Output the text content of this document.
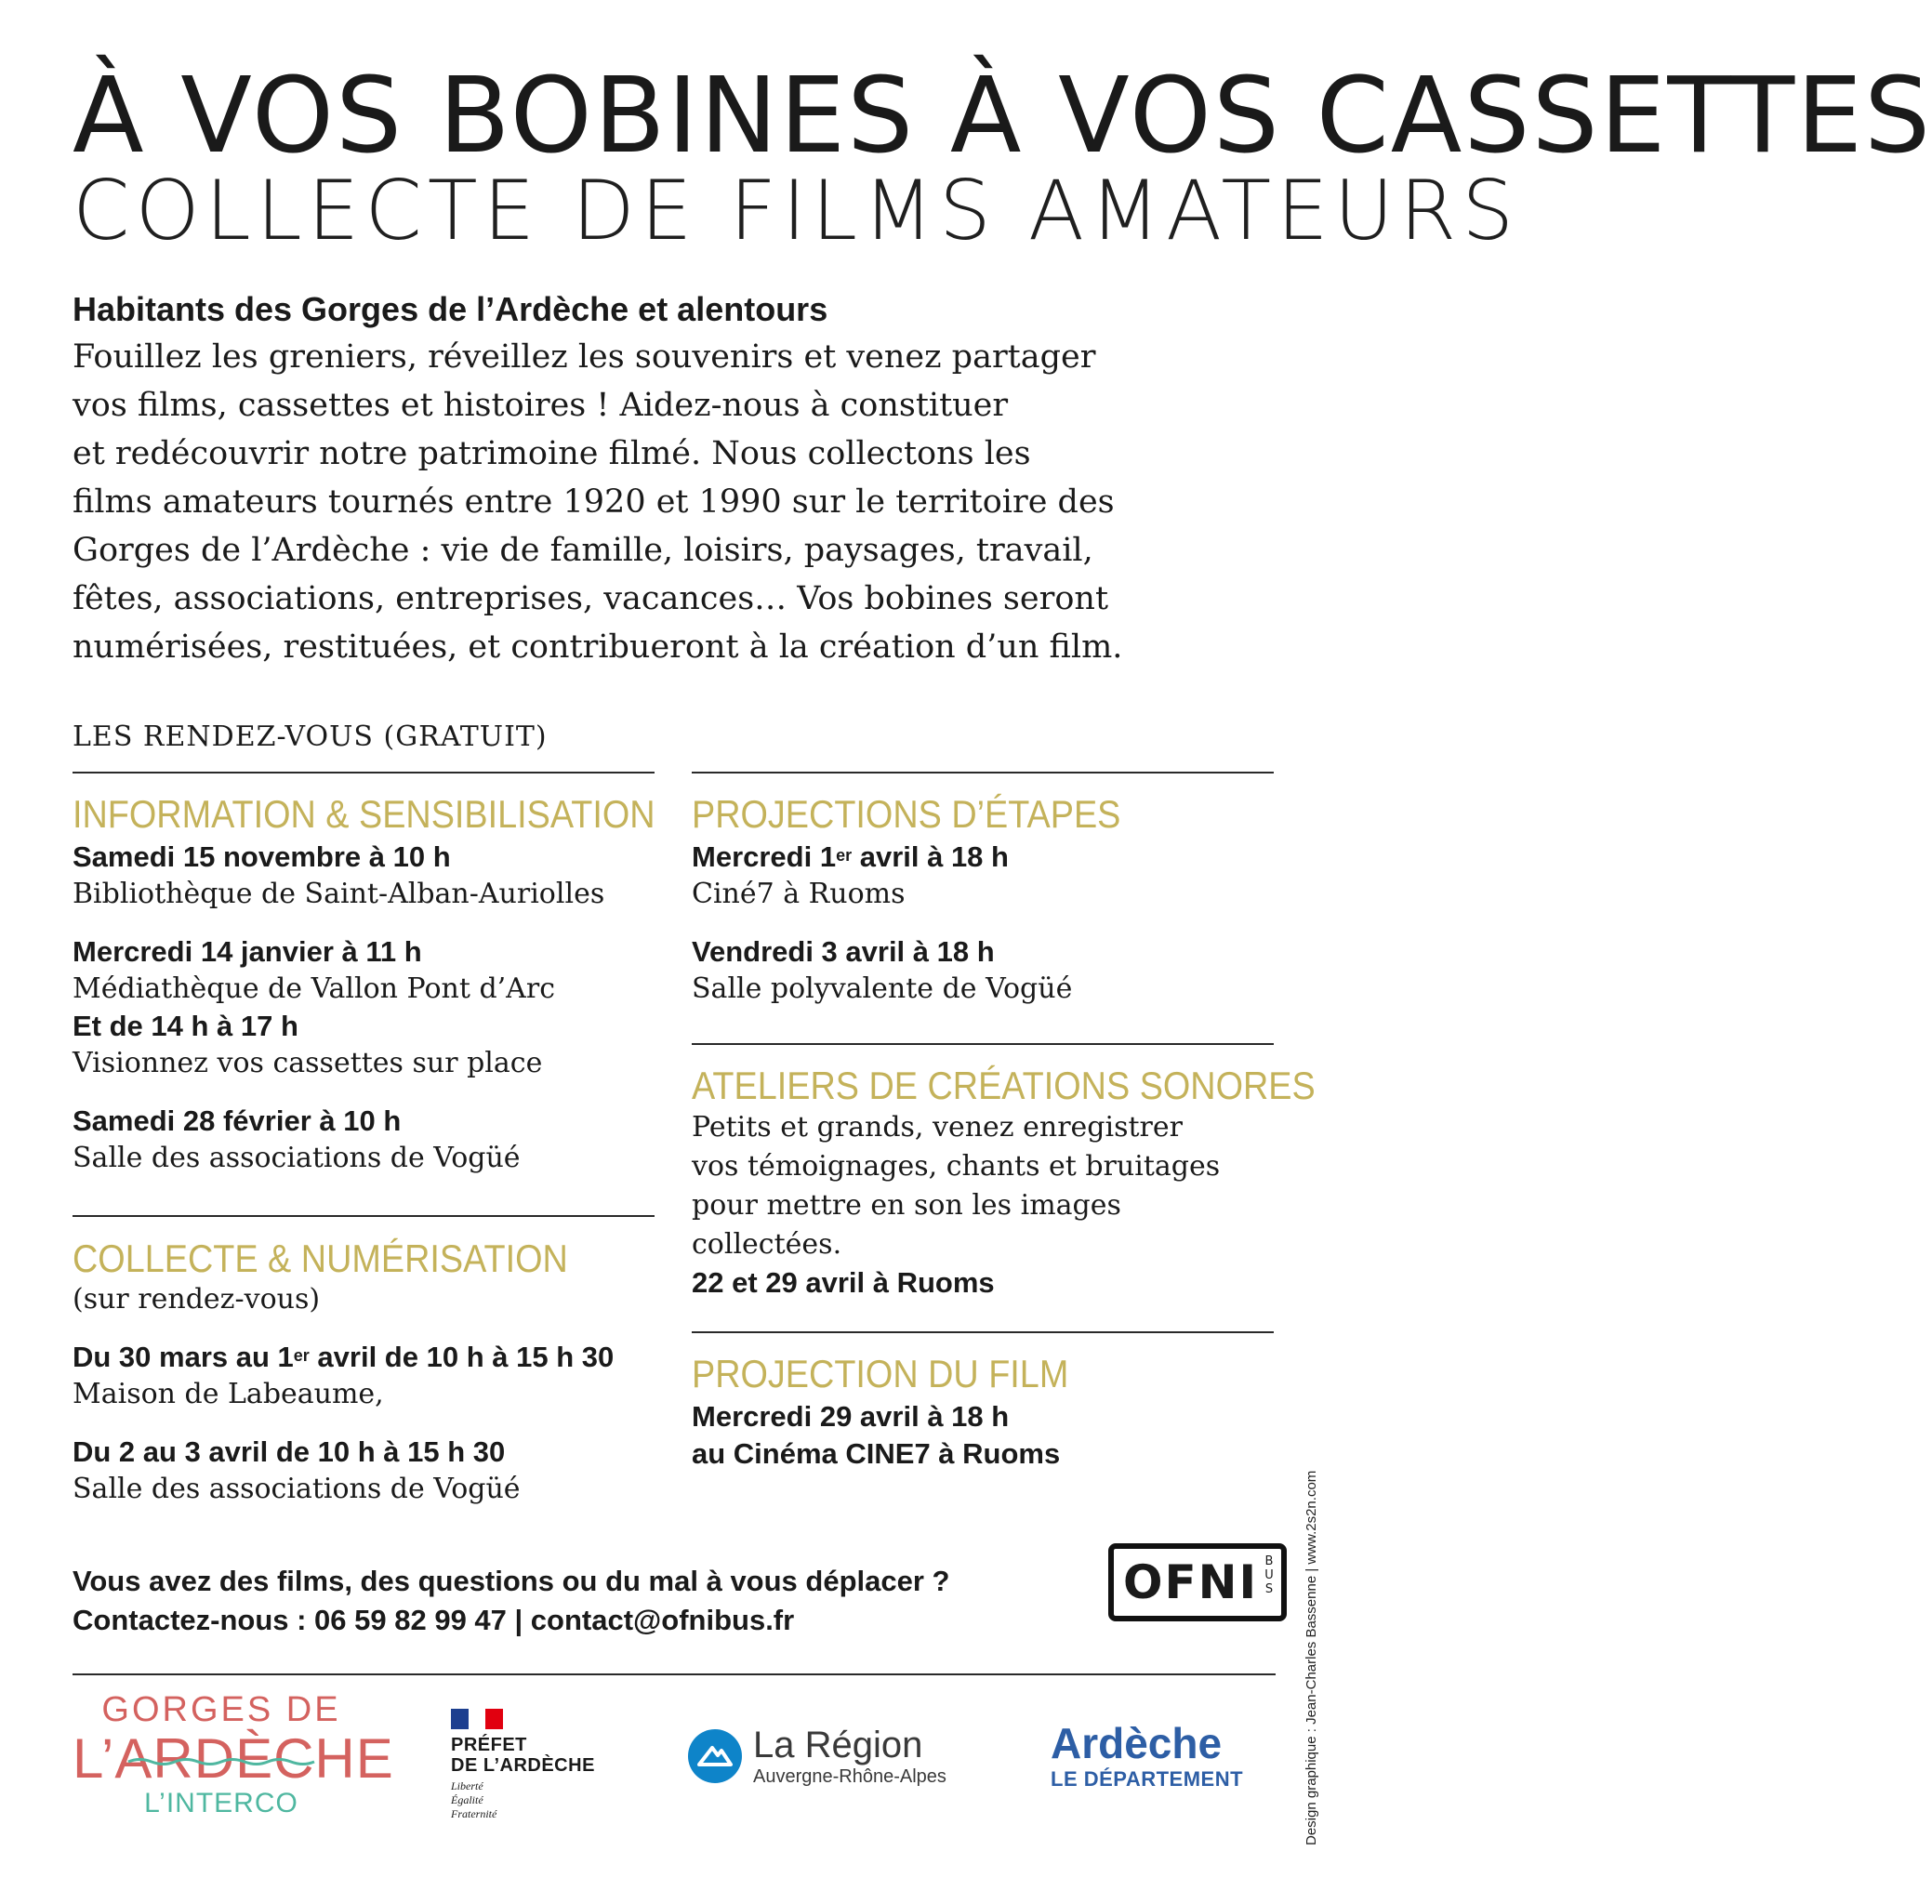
À VOS BOBINES À VOS CASSETTES
COLLECTE DE FILMS AMATEURS
Habitants des Gorges de l’Ardèche et alentours
Fouillez les greniers, réveillez les souvenirs et venez partager
vos films, cassettes et histoires ! Aidez-nous à constituer
et redécouvrir notre patrimoine filmé. Nous collectons les
films amateurs tournés entre 1920 et 1990 sur le territoire des
Gorges de l’Ardèche : vie de famille, loisirs, paysages, travail,
fêtes, associations, entreprises, vacances… Vos bobines seront
numérisées, restituées, et contribueront à la création d’un film.
LES RENDEZ-VOUS (GRATUIT)
INFORMATION & SENSIBILISATION
Samedi 15 novembre à 10 h
Bibliothèque de Saint-Alban-Auriolles
Mercredi 14 janvier à 11 h
Médiathèque de Vallon Pont d’Arc
Et de 14 h à 17 h
Visionnez vos cassettes sur place
Samedi 28 février à 10 h
Salle des associations de Vogüé
COLLECTE & NUMÉRISATION
(sur rendez-vous)
Du 30 mars au 1er avril de 10 h à 15 h 30
Maison de Labeaume,
Du 2 au 3 avril de 10 h à 15 h 30
Salle des associations de Vogüé
PROJECTIONS D’ÉTAPES
Mercredi 1er avril à 18 h
Ciné7 à Ruoms
Vendredi 3 avril à 18 h
Salle polyvalente de Vogüé
ATELIERS DE CRÉATIONS SONORES
Petits et grands, venez enregistrer
vos témoignages, chants et bruitages
pour mettre en son les images
collectées.
22 et 29 avril à Ruoms
PROJECTION DU FILM
Mercredi 29 avril à 18 h
au Cinéma CINE7 à Ruoms
Vous avez des films, des questions ou du mal à vous déplacer ?
Contactez-nous : 06 59 82 99 47 | contact@ofnibus.fr
OFNI B
U
S	Design graphique : Jean-Charles Bassenne | www.2s2n.com
GORGES DE
L’ARDÈCHE
L’INTERCO
PRÉFET
DE L’ARDÈCHE
Liberté
Égalité
Fraternité
La Région
Auvergne-Rhône-Alpes
Ardèche
LE DÉPARTEMENT
